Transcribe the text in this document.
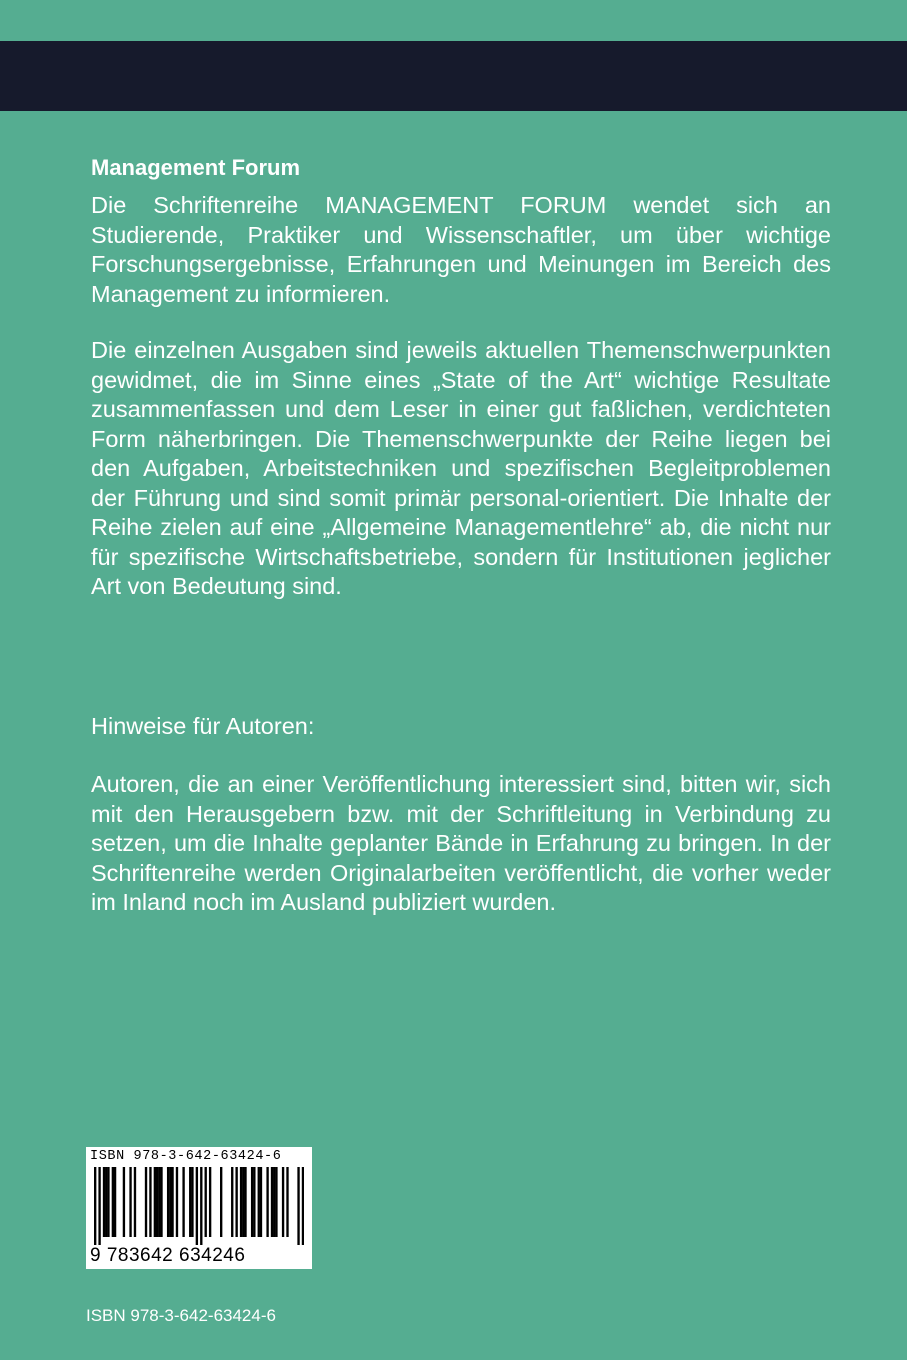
Management Forum
Die Schriftenreihe MANAGEMENT FORUM wendet sich an Studierende, Praktiker und Wissenschaftler, um über wichtige Forschungsergebnisse, Erfahrungen und Meinungen im Bereich des Management zu informieren.
Die einzelnen Ausgaben sind jeweils aktuellen Themenschwerpunkten gewidmet, die im Sinne eines „State of the Art“ wichtige Resultate zusammenfassen und dem Leser in einer gut faßlichen, verdichteten Form näherbringen. Die Themenschwerpunkte der Reihe liegen bei den Aufgaben, Arbeitstechniken und spezifischen Begleitproblemen der Führung und sind somit primär personal-orientiert. Die Inhalte der Reihe zielen auf eine „Allgemeine Managementlehre“ ab, die nicht nur für spezifische Wirtschaftsbetriebe, sondern für Institutionen jeglicher Art von Bedeutung sind.
Hinweise für Autoren:
Autoren, die an einer Veröffentlichung interessiert sind, bitten wir, sich mit den Herausgebern bzw. mit der Schriftleitung in Verbindung zu setzen, um die Inhalte geplanter Bände in Erfahrung zu bringen. In der Schriftenreihe werden Originalarbeiten veröffentlicht, die vorher weder im Inland noch im Ausland publiziert wurden.
ISBN 978-3-642-63424-6
9 783642 634246
ISBN 978-3-642-63424-6
